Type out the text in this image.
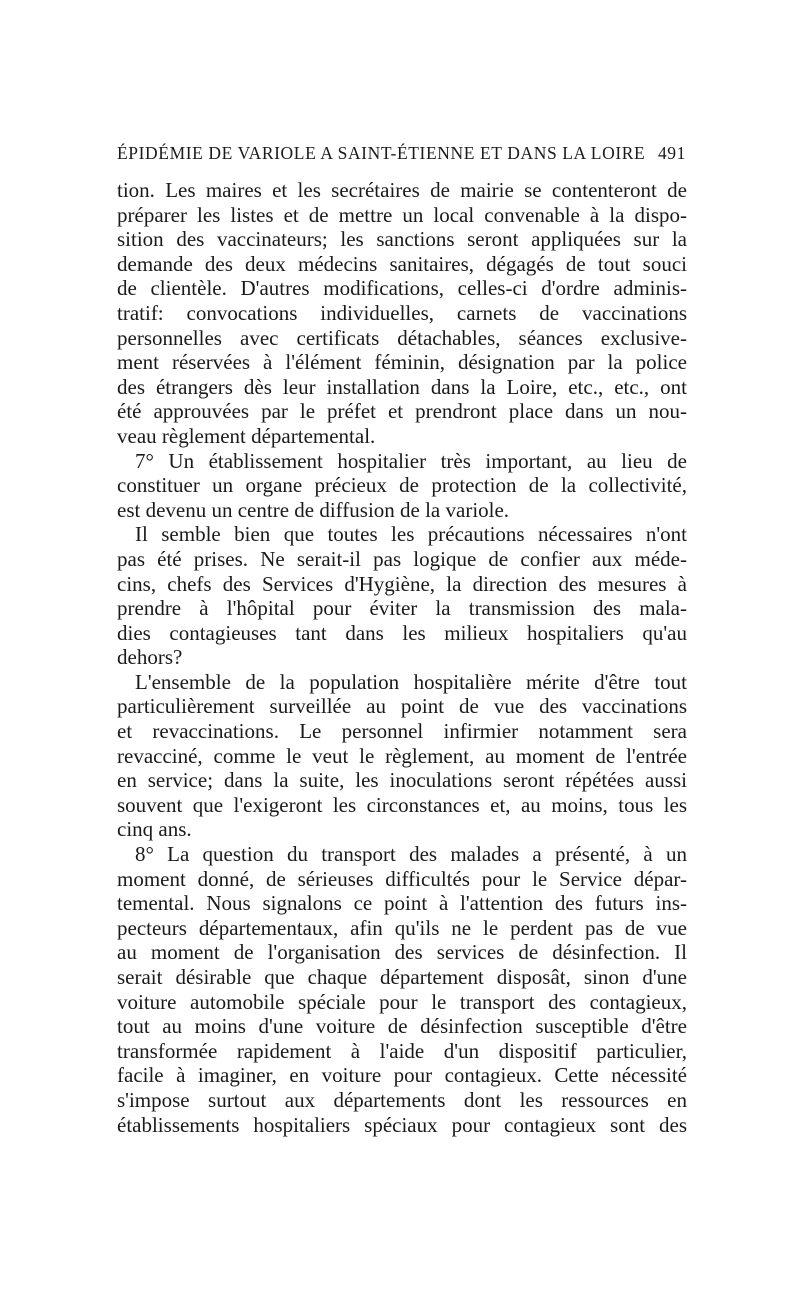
ÉPIDÉMIE DE VARIOLE A SAINT-ÉTIENNE ET DANS LA LOIRE 491

tion. Les maires et les secrétaires de mairie se contenteront de

préparer les listes et de mettre un local convenable à la dispo-

sition des vaccinateurs; les sanctions seront appliquées sur la

demande des deux médecins sanitaires, dégagés de tout souci

de clientèle. D'autres modifications, celles-ci d'ordre adminis-

tratif: convocations individuelles, carnets de vaccinations

personnelles avec certificats détachables, séances exclusive-

ment réservées à l'élément féminin, désignation par la police

des étrangers dès leur installation dans la Loire, etc., etc., ont

été approuvées par le préfet et prendront place dans un nou-

veau règlement départemental.

7° Un établissement hospitalier très important, au lieu de

constituer un organe précieux de protection de la collectivité,

est devenu un centre de diffusion de la variole.

Il semble bien que toutes les précautions nécessaires n'ont

pas été prises. Ne serait-il pas logique de confier aux méde-

cins, chefs des Services d'Hygiène, la direction des mesures à

prendre à l'hôpital pour éviter la transmission des mala-

dies contagieuses tant dans les milieux hospitaliers qu'au

dehors?

L'ensemble de la population hospitalière mérite d'être tout

particulièrement surveillée au point de vue des vaccinations

et revaccinations. Le personnel infirmier notamment sera

revacciné, comme le veut le règlement, au moment de l'entrée

en service; dans la suite, les inoculations seront répétées aussi

souvent que l'exigeront les circonstances et, au moins, tous les

cinq ans.

8° La question du transport des malades a présenté, à un

moment donné, de sérieuses difficultés pour le Service dépar-

temental. Nous signalons ce point à l'attention des futurs ins-

pecteurs départementaux, afin qu'ils ne le perdent pas de vue

au moment de l'organisation des services de désinfection. Il

serait désirable que chaque département disposât, sinon d'une

voiture automobile spéciale pour le transport des contagieux,

tout au moins d'une voiture de désinfection susceptible d'être

transformée rapidement à l'aide d'un dispositif particulier,

facile à imaginer, en voiture pour contagieux. Cette nécessité

s'impose surtout aux départements dont les ressources en

établissements hospitaliers spéciaux pour contagieux sont des
